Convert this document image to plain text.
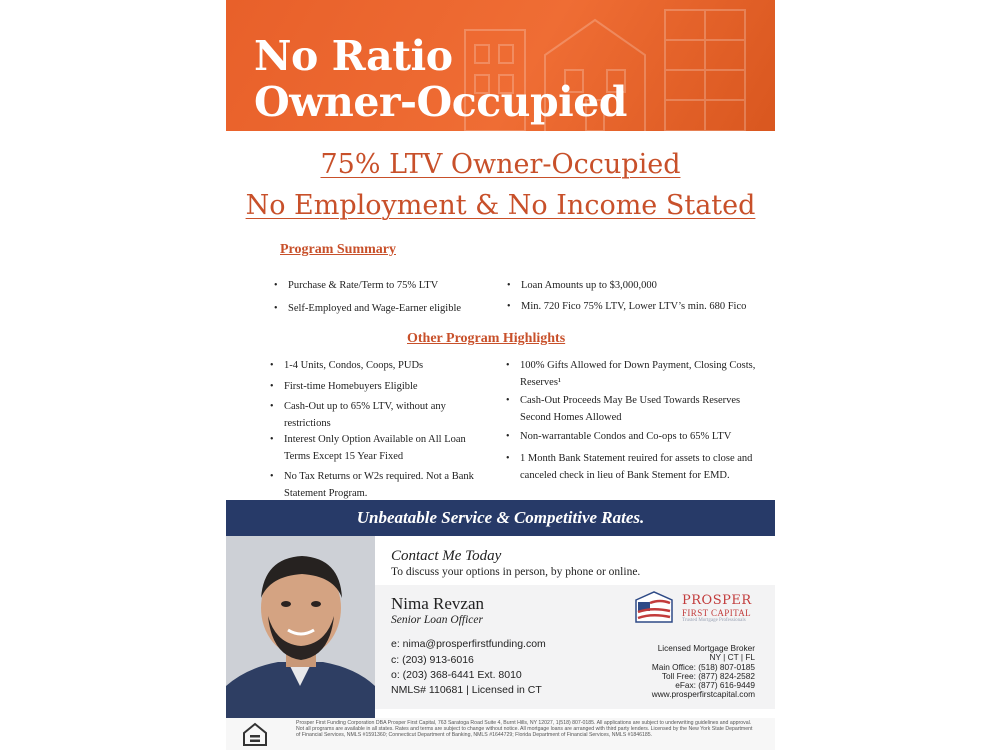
No Ratio
Owner-Occupied
75% LTV Owner-Occupied
No Employment & No Income Stated
Program Summary
• Purchase & Rate/Term to 75% LTV
• Self-Employed and Wage-Earner eligible
• Loan Amounts up to $3,000,000
• Min. 720 Fico 75% LTV, Lower LTV’s min. 680 Fico
Other Program Highlights
• 1-4 Units, Condos, Coops, PUDs
• First-time Homebuyers Eligible
• Cash-Out up to 65% LTV, without any restrictions
• Interest Only Option Available on All Loan Terms Except 15 Year Fixed
• No Tax Returns or W2s required. Not a Bank Statement Program.
• 100% Gifts Allowed for Down Payment, Closing Costs, Reserves¹
• Cash-Out Proceeds May Be Used Towards Reserves Second Homes Allowed
• Non-warrantable Condos and Co-ops to 65% LTV
• 1 Month Bank Statement reuired for assets to close and canceled check in lieu of Bank Stement for EMD.
Unbeatable Service & Competitive Rates.
Contact Me Today
To discuss your options in person, by phone or online.
Nima Revzan
Senior Loan Officer
PROSPER
FIRST CAPITAL
Trusted Mortgage Professionals
e: nima@prosperfirstfunding.com
c: (203) 913-6016
o: (203) 368-6441 Ext. 8010
NMLS# 110681 | Licensed in CT
Licensed Mortgage Broker
NY | CT | FL
Main Office: (518) 807-0185
Toll Free: (877) 824-2582
eFax: (877) 616-9449
www.prosperfirstcapital.com
Prosper First Funding Corporation DBA Prosper First Capital, 763 Saratoga Road Suite 4, Burnt Hills, NY 12027, 1(518) 807-0185. All applications are subject to underwriting guidelines and approval. Not all programs are available in all states. Rates and terms are subject to change without notice. All mortgage loans are arranged with third party lenders. Licensed by the New York State Department of Financial Services, NMLS #1591360; Connecticut Department of Banking, NMLS #1644729; Florida Department of Financial Services, NMLS #1846185.
